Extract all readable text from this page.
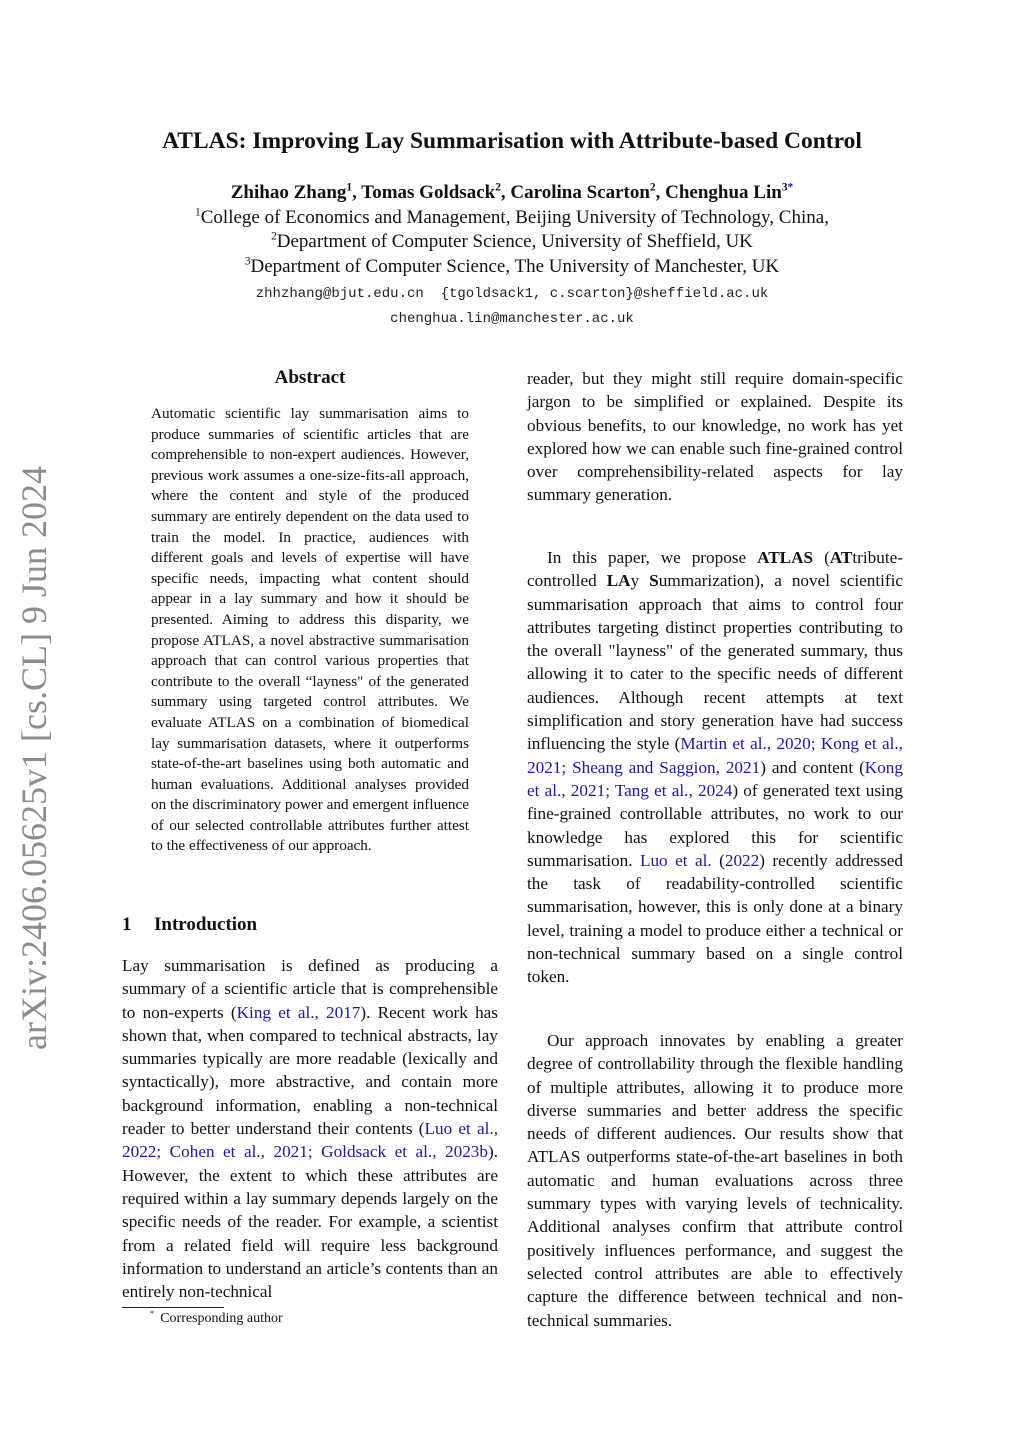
arXiv:2406.05625v1 [cs.CL] 9 Jun 2024
ATLAS: Improving Lay Summarisation with Attribute-based Control
Zhihao Zhang$^1$, Tomas Goldsack$^2$, Carolina Scarton$^2$, Chenghua Lin$^{3*}$
$^1$College of Economics and Management, Beijing University of Technology, China,
$^2$Department of Computer Science, University of Sheffield, UK
$^3$Department of Computer Science, The University of Manchester, UK
zhhzhang@bjut.edu.cn {tgoldsack1, c.scarton}@sheffield.ac.uk
chenghua.lin@manchester.ac.uk
Abstract
Automatic scientific lay summarisation aims to produce summaries of scientific articles that are comprehensible to non-expert audiences. However, previous work assumes a one-size-fits-all approach, where the content and style of the produced summary are entirely dependent on the data used to train the model. In practice, audiences with different goals and levels of expertise will have specific needs, impacting what content should appear in a lay summary and how it should be presented. Aiming to address this disparity, we propose ATLAS, a novel abstractive summarisation approach that can control various properties that contribute to the overall “layness" of the generated summary using targeted control attributes. We evaluate ATLAS on a combination of biomedical lay summarisation datasets, where it outperforms state-of-the-art baselines using both automatic and human evaluations. Additional analyses provided on the discriminatory power and emergent influence of our selected controllable attributes further attest to the effectiveness of our approach.
1 Introduction

Lay summarisation is defined as producing a summary of a scientific article that is comprehensible to non-experts (King et al., 2017). Recent work has shown that, when compared to technical abstracts, lay summaries typically are more readable (lexically and syntactically), more abstractive, and contain more background information, enabling a non-technical reader to better understand their contents (Luo et al., 2022; Cohen et al., 2021; Goldsack et al., 2023b). However, the extent to which these attributes are required within a lay summary depends largely on the specific needs of the reader. For example, a scientist from a related field will require less background information to understand an article’s contents than an entirely non-technical

* Corresponding author

reader, but they might still require domain-specific jargon to be simplified or explained. Despite its obvious benefits, to our knowledge, no work has yet explored how we can enable such fine-grained control over comprehensibility-related aspects for lay summary generation.

In this paper, we propose ATLAS (ATtribute-controlled LAy Summarization), a novel scientific summarisation approach that aims to control four attributes targeting distinct properties contributing to the overall "layness" of the generated summary, thus allowing it to cater to the specific needs of different audiences. Although recent attempts at text simplification and story generation have had success influencing the style (Martin et al., 2020; Kong et al., 2021; Sheang and Saggion, 2021) and content (Kong et al., 2021; Tang et al., 2024) of generated text using fine-grained controllable attributes, no work to our knowledge has explored this for scientific summarisation. Luo et al. (2022) recently addressed the task of readability-controlled scientific summarisation, however, this is only done at a binary level, training a model to produce either a technical or non-technical summary based on a single control token.

Our approach innovates by enabling a greater degree of controllability through the flexible handling of multiple attributes, allowing it to produce more diverse summaries and better address the specific needs of different audiences. Our results show that ATLAS outperforms state-of-the-art baselines in both automatic and human evaluations across three summary types with varying levels of technicality. Additional analyses confirm that attribute control positively influences performance, and suggest the selected control attributes are able to effectively capture the difference between technical and non-technical summaries.
